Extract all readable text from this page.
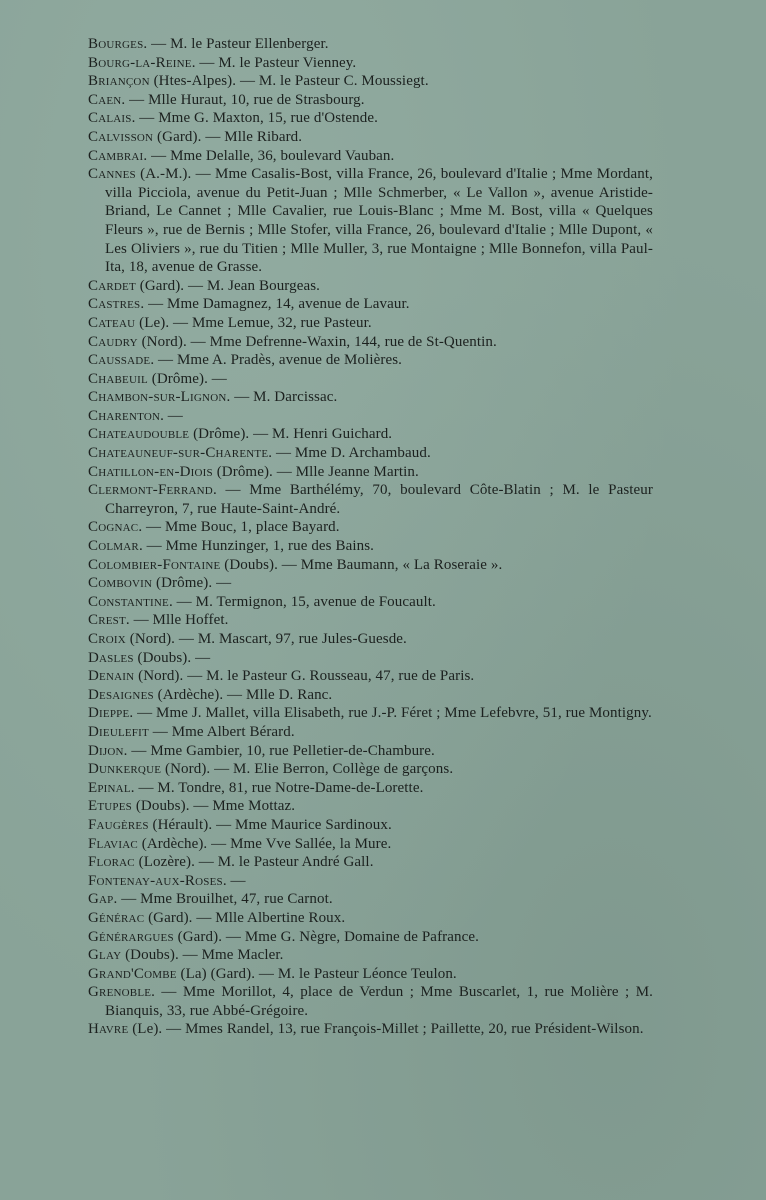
Bourges. — M. le Pasteur Ellenberger.
Bourg-la-Reine. — M. le Pasteur Vienney.
Briançon (Htes-Alpes). — M. le Pasteur C. Moussiegt.
Caen. — Mlle Huraut, 10, rue de Strasbourg.
Calais. — Mme G. Maxton, 15, rue d'Ostende.
Calvisson (Gard). — Mlle Ribard.
Cambrai. — Mme Delalle, 36, boulevard Vauban.
Cannes (A.-M.). — Mme Casalis-Bost, villa France, 26, boulevard d'Italie ; Mme Mordant, villa Picciola, avenue du Petit-Juan ; Mlle Schmerber, « Le Vallon », avenue Aristide-Briand, Le Cannet ; Mlle Cavalier, rue Louis-Blanc ; Mme M. Bost, villa « Quelques Fleurs », rue de Bernis ; Mlle Stofer, villa France, 26, boulevard d'Italie ; Mlle Dupont, « Les Oliviers », rue du Titien ; Mlle Muller, 3, rue Montaigne ; Mlle Bonnefon, villa Paul-Ita, 18, avenue de Grasse.
Cardet (Gard). — M. Jean Bourgeas.
Castres. — Mme Damagnez, 14, avenue de Lavaur.
Cateau (Le). — Mme Lemue, 32, rue Pasteur.
Caudry (Nord). — Mme Defrenne-Waxin, 144, rue de St-Quentin.
Caussade. — Mme A. Pradès, avenue de Molières.
Chabeuil (Drôme). —
Chambon-sur-Lignon. — M. Darcissac.
Charenton. —
Chateaudouble (Drôme). — M. Henri Guichard.
Chateauneuf-sur-Charente. — Mme D. Archambaud.
Chatillon-en-Diois (Drôme). — Mlle Jeanne Martin.
Clermont-Ferrand. — Mme Barthélémy, 70, boulevard Côte-Blatin ; M. le Pasteur Charreyron, 7, rue Haute-Saint-André.
Cognac. — Mme Bouc, 1, place Bayard.
Colmar. — Mme Hunzinger, 1, rue des Bains.
Colombier-Fontaine (Doubs). — Mme Baumann, « La Roseraie ».
Combovin (Drôme). —
Constantine. — M. Termignon, 15, avenue de Foucault.
Crest. — Mlle Hoffet.
Croix (Nord). — M. Mascart, 97, rue Jules-Guesde.
Dasles (Doubs). —
Denain (Nord). — M. le Pasteur G. Rousseau, 47, rue de Paris.
Desaignes (Ardèche). — Mlle D. Ranc.
Dieppe. — Mme J. Mallet, villa Elisabeth, rue J.-P. Féret ; Mme Lefebvre, 51, rue Montigny.
Dieulefit — Mme Albert Bérard.
Dijon. — Mme Gambier, 10, rue Pelletier-de-Chambure.
Dunkerque (Nord). — M. Elie Berron, Collège de garçons.
Epinal. — M. Tondre, 81, rue Notre-Dame-de-Lorette.
Etupes (Doubs). — Mme Mottaz.
Faugères (Hérault). — Mme Maurice Sardinoux.
Flaviac (Ardèche). — Mme Vve Sallée, la Mure.
Florac (Lozère). — M. le Pasteur André Gall.
Fontenay-aux-Roses. —
Gap. — Mme Brouilhet, 47, rue Carnot.
Générac (Gard). — Mlle Albertine Roux.
Générargues (Gard). — Mme G. Nègre, Domaine de Pafrance.
Glay (Doubs). — Mme Macler.
Grand'Combe (La) (Gard). — M. le Pasteur Léonce Teulon.
Grenoble. — Mme Morillot, 4, place de Verdun ; Mme Buscarlet, 1, rue Molière ; M. Bianquis, 33, rue Abbé-Grégoire.
Havre (Le). — Mmes Randel, 13, rue François-Millet ; Paillette, 20, rue Président-Wilson.
